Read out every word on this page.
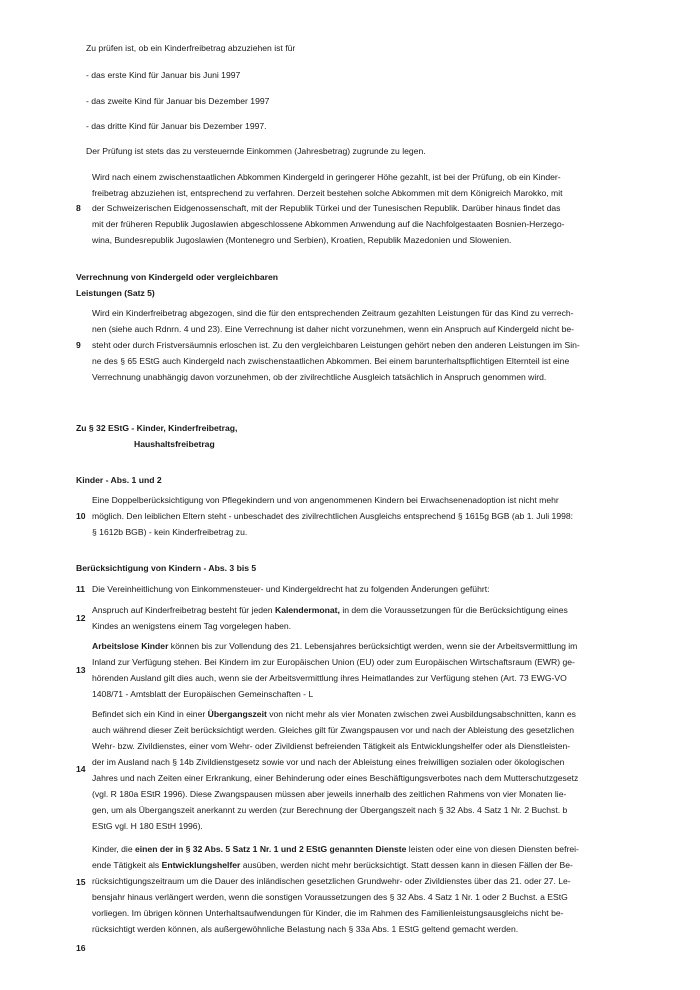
Zu prüfen ist, ob ein Kinderfreibetrag abzuziehen ist für
- das erste Kind für Januar bis Juni 1997
- das zweite Kind für Januar bis Dezember 1997
- das dritte Kind für Januar bis Dezember 1997.
Der Prüfung ist stets das zu versteuernde Einkommen (Jahresbetrag) zugrunde zu legen.
8
Wird nach einem zwischenstaatlichen Abkommen Kindergeld in geringerer Höhe gezahlt, ist bei der Prüfung, ob ein Kinder-
freibetrag abzuziehen ist, entsprechend zu verfahren. Derzeit bestehen solche Abkommen mit dem Königreich Marokko, mit
der Schweizerischen Eidgenossenschaft, mit der Republik Türkei und der Tunesischen Republik. Darüber hinaus findet das
mit der früheren Republik Jugoslawien abgeschlossene Abkommen Anwendung auf die Nachfolgestaaten Bosnien-Herzego-
wina, Bundesrepublik Jugoslawien (Montenegro und Serbien), Kroatien, Republik Mazedonien und Slowenien.
Verrechnung von Kindergeld oder vergleichbaren
Leistungen (Satz 5)
9
Wird ein Kinderfreibetrag abgezogen, sind die für den entsprechenden Zeitraum gezahlten Leistungen für das Kind zu verrech-
nen (siehe auch Rdnrn. 4 und 23). Eine Verrechnung ist daher nicht vorzunehmen, wenn ein Anspruch auf Kindergeld nicht be-
steht oder durch Fristversäumnis erloschen ist. Zu den vergleichbaren Leistungen gehört neben den anderen Leistungen im Sin-
ne des § 65 EStG auch Kindergeld nach zwischenstaatlichen Abkommen. Bei einem barunterhaltspflichtigen Elternteil ist eine
Verrechnung unabhängig davon vorzunehmen, ob der zivilrechtliche Ausgleich tatsächlich in Anspruch genommen wird.
Zu § 32 EStG - Kinder, Kinderfreibetrag,
Haushaltsfreibetrag
Kinder - Abs. 1 und 2
10
Eine Doppelberücksichtigung von Pflegekindern und von angenommenen Kindern bei Erwachsenenadoption ist nicht mehr
möglich. Den leiblichen Eltern steht - unbeschadet des zivilrechtlichen Ausgleichs entsprechend § 1615g BGB (ab 1. Juli 1998:
§ 1612b BGB) - kein Kinderfreibetrag zu.
Berücksichtigung von Kindern - Abs. 3 bis 5
11 Die Vereinheitlichung von Einkommensteuer- und Kindergeldrecht hat zu folgenden Änderungen geführt:
12
Anspruch auf Kinderfreibetrag besteht für jeden Kalendermonat, in dem die Voraussetzungen für die Berücksichtigung eines
Kindes an wenigstens einem Tag vorgelegen haben.
13
Arbeitslose Kinder können bis zur Vollendung des 21. Lebensjahres berücksichtigt werden, wenn sie der Arbeitsvermittlung im
Inland zur Verfügung stehen. Bei Kindern im zur Europäischen Union (EU) oder zum Europäischen Wirtschaftsraum (EWR) ge-
hörenden Ausland gilt dies auch, wenn sie der Arbeitsvermittlung ihres Heimatlandes zur Verfügung stehen (Art. 73 EWG-VO
1408/71 - Amtsblatt der Europäischen Gemeinschaften - L
14
Befindet sich ein Kind in einer Übergangszeit von nicht mehr als vier Monaten zwischen zwei Ausbildungsabschnitten, kann es
auch während dieser Zeit berücksichtigt werden. Gleiches gilt für Zwangspausen vor und nach der Ableistung des gesetzlichen
Wehr- bzw. Zivildienstes, einer vom Wehr- oder Zivildienst befreienden Tätigkeit als Entwicklungshelfer oder als Dienstleisten-
der im Ausland nach § 14b Zivildienstgesetz sowie vor und nach der Ableistung eines freiwilligen sozialen oder ökologischen
Jahres und nach Zeiten einer Erkrankung, einer Behinderung oder eines Beschäftigungsverbotes nach dem Mutterschutzgesetz
(vgl. R 180a EStR 1996). Diese Zwangspausen müssen aber jeweils innerhalb des zeitlichen Rahmens von vier Monaten lie-
gen, um als Übergangszeit anerkannt zu werden (zur Berechnung der Übergangszeit nach § 32 Abs. 4 Satz 1 Nr. 2 Buchst. b
EStG vgl. H 180 EStH 1996).
15
Kinder, die einen der in § 32 Abs. 5 Satz 1 Nr. 1 und 2 EStG genannten Dienste leisten oder eine von diesen Diensten befrei-
ende Tätigkeit als Entwicklungshelfer ausüben, werden nicht mehr berücksichtigt. Statt dessen kann in diesen Fällen der Be-
rücksichtigungszeitraum um die Dauer des inländischen gesetzlichen Grundwehr- oder Zivildienstes über das 21. oder 27. Le-
bensjahr hinaus verlängert werden, wenn die sonstigen Voraussetzungen des § 32 Abs. 4 Satz 1 Nr. 1 oder 2 Buchst. a EStG
vorliegen. Im übrigen können Unterhaltsaufwendungen für Kinder, die im Rahmen des Familienleistungsausgleichs nicht be-
rücksichtigt werden können, als außergewöhnliche Belastung nach § 33a Abs. 1 EStG geltend gemacht werden.
16
